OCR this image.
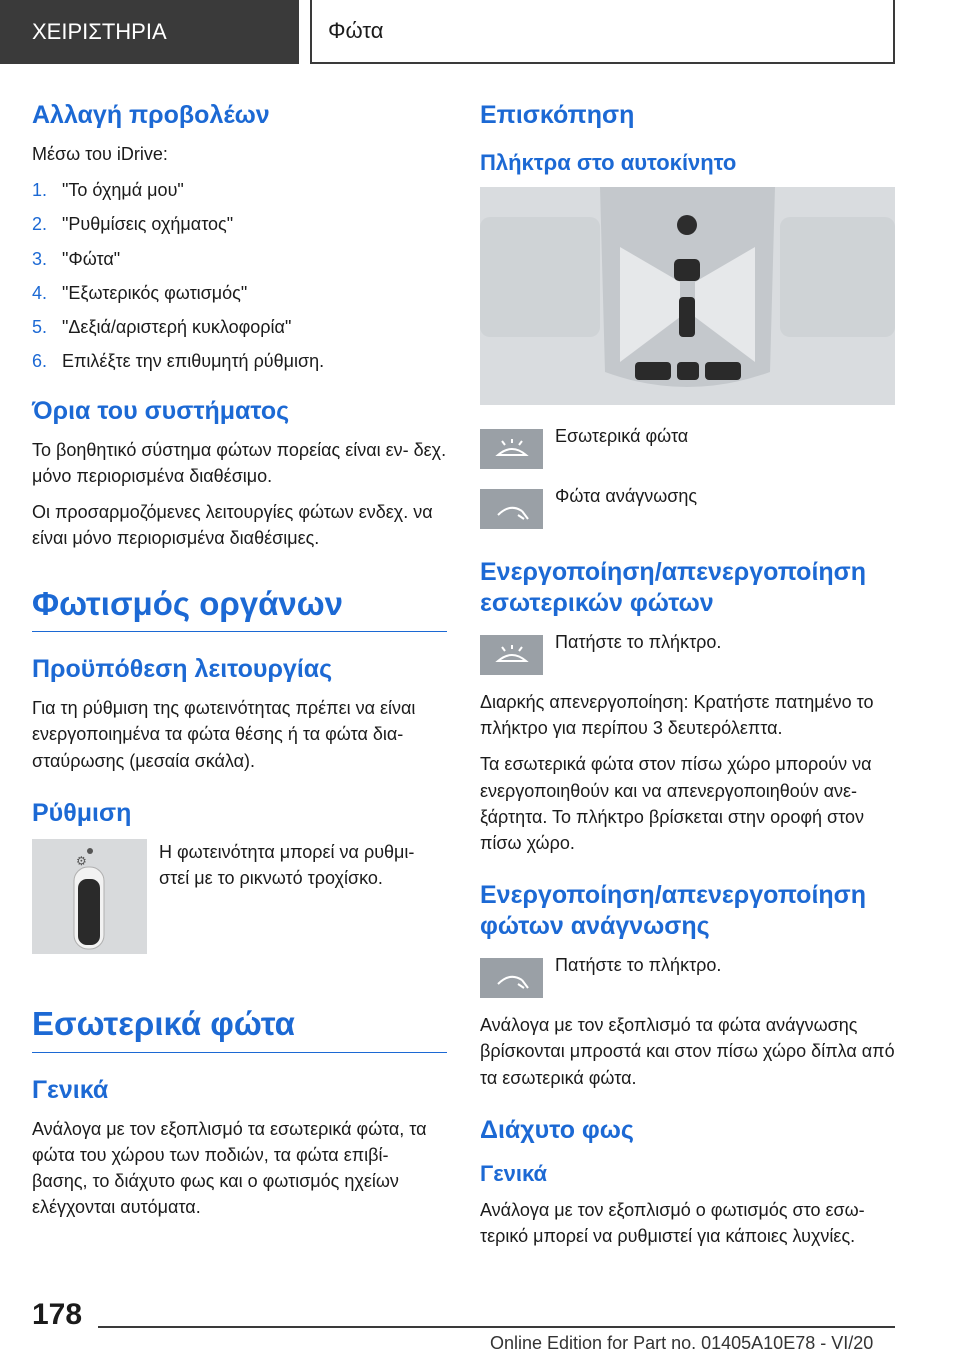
ΧΕΙΡΙΣΤΗΡΙΑ	Φώτα
Αλλαγή προβολέων

Μέσω του iDrive:

1. "Το όχημά μου"
2. "Ρυθμίσεις οχήματος"
3. "Φώτα"
4. "Εξωτερικός φωτισμός"
5. "Δεξιά/αριστερή κυκλοφορία"
6. Επιλέξτε την επιθυμητή ρύθμιση.
Όρια του συστήματος

Το βοηθητικό σύστημα φώτων πορείας είναι εν- δεχ. μόνο περιορισμένα διαθέσιμο.

Οι προσαρμοζόμενες λειτουργίες φώτων ενδεχ. να είναι μόνο περιορισμένα διαθέσιμες.

Φωτισμός οργάνων
Προϋπόθεση λειτουργίας

Για τη ρύθμιση της φωτεινότητας πρέπει να είναι ενεργοποιημένα τα φώτα θέσης ή τα φώτα δια- σταύρωσης (μεσαία σκάλα).

Ρύθμιση
⚙	Η φωτεινότητα μπορεί να ρυθμι- στεί με το ρικνωτό τροχίσκο.

Εσωτερικά φώτα
Γενικά

Ανάλογα με τον εξοπλισμό τα εσωτερικά φώτα, τα φώτα του χώρου των ποδιών, τα φώτα επιβί- βασης, το διάχυτο φως και ο φωτισμός ηχείων ελέγχονται αυτόματα.

Επισκόπηση
Πλήκτρα στο αυτοκίνητο

Εσωτερικά φώτα

Φώτα ανάγνωσης

Ενεργοποίηση/απενεργοποίηση εσωτερικών φώτων

Πατήστε το πλήκτρο.

Διαρκής απενεργοποίηση: Κρατήστε πατημένο το πλήκτρο για περίπου 3 δευτερόλεπτα.

Τα εσωτερικά φώτα στον πίσω χώρο μπορούν να ενεργοποιηθούν και να απενεργοποιηθούν ανε- ξάρτητα. Το πλήκτρο βρίσκεται στην οροφή στον πίσω χώρο.

Ενεργοποίηση/απενεργοποίηση φώτων ανάγνωσης

Πατήστε το πλήκτρο.

Ανάλογα με τον εξοπλισμό τα φώτα ανάγνωσης βρίσκονται μπροστά και στον πίσω χώρο δίπλα από τα εσωτερικά φώτα.

Διάχυτο φως
Γενικά

Ανάλογα με τον εξοπλισμό ο φωτισμός στο εσω- τερικό μπορεί να ρυθμιστεί για κάποιες λυχνίες.

178
Online Edition for Part no. 01405A10E78 - VI/20
